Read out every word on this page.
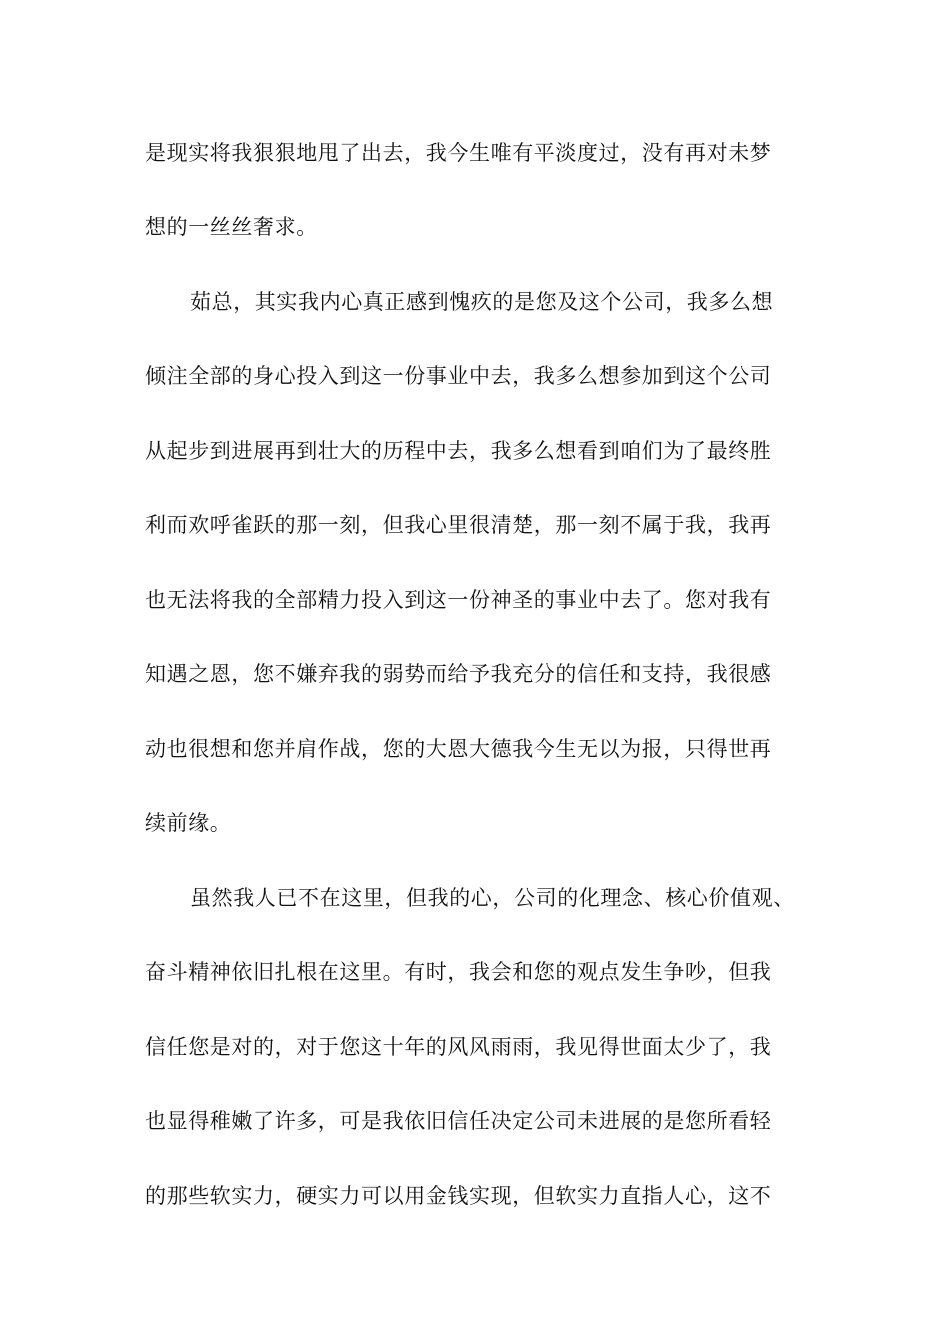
是现实将我狠狠地甩了出去，我今生唯有平淡度过，没有再对未梦
想的一丝丝奢求。
茹总，其实我内心真正感到愧疚的是您及这个公司，我多么想
倾注全部的身心投入到这一份事业中去，我多么想参加到这个公司
从起步到进展再到壮大的历程中去，我多么想看到咱们为了最终胜
利而欢呼雀跃的那一刻，但我心里很清楚，那一刻不属于我，我再
也无法将我的全部精力投入到这一份神圣的事业中去了。您对我有
知遇之恩，您不嫌弃我的弱势而给予我充分的信任和支持，我很感
动也很想和您并肩作战，您的大恩大德我今生无以为报，只得世再
续前缘。
虽然我人已不在这里，但我的心，公司的化理念、核心价值观、
奋斗精神依旧扎根在这里。有时，我会和您的观点发生争吵，但我
信任您是对的，对于您这十年的风风雨雨，我见得世面太少了，我
也显得稚嫩了许多，可是我依旧信任决定公司未进展的是您所看轻
的那些软实力，硬实力可以用金钱实现，但软实力直指人心，这不
